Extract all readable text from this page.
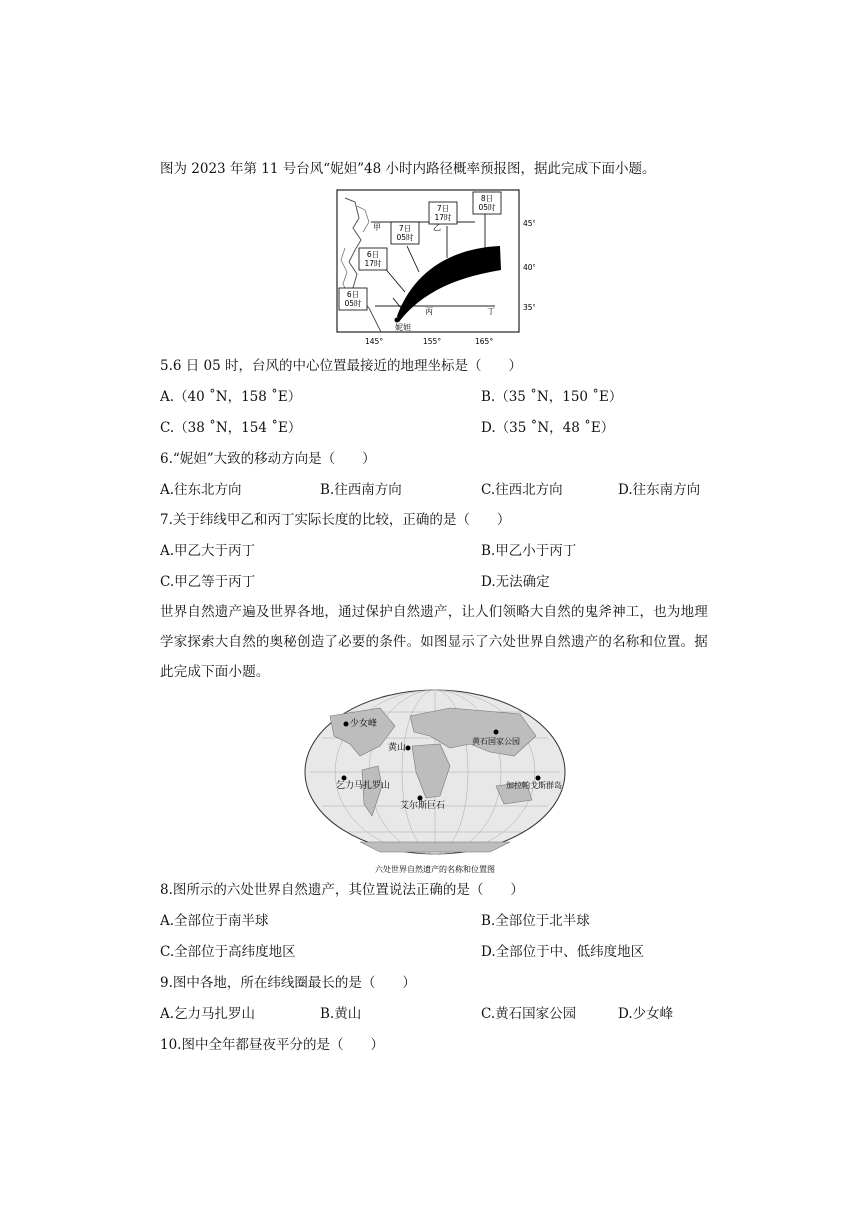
图为 2023 年第 11 号台风“妮妲”48 小时内路径概率预报图，据此完成下面小题。
6日
05时
6日
17时
7日
05时
7日
17时
8日
05时
甲	乙
丙	丁
妮妲
45°
40°
35°
145°	155°	165°
5.6 日 05 时，台风的中心位置最接近的地理坐标是（　　）
A.（40 ˚N，158 ˚E）	B.（35 ˚N，150 ˚E）
C.（38 ˚N，154 ˚E）	D.（35 ˚N，48 ˚E）
6.“妮妲”大致的移动方向是（　　）
A.往东北方向	B.往西南方向	C.往西北方向	D.往东南方向
7.关于纬线甲乙和丙丁实际长度的比较，正确的是（　　）
A.甲乙大于丙丁	B.甲乙小于丙丁
C.甲乙等于丙丁	D.无法确定
世界自然遗产遍及世界各地，通过保护自然遗产，让人们领略大自然的鬼斧神工，也为地理学家探索大自然的奥秘创造了必要的条件。如图显示了六处世界自然遗产的名称和位置。据此完成下面小题。
少女峰
黄山
黄石国家公园
乞力马扎罗山
艾尔斯巨石
加拉帕戈斯群岛
六处世界自然遗产的名称和位置图
8.图所示的六处世界自然遗产，其位置说法正确的是（　　）
A.全部位于南半球	B.全部位于北半球
C.全部位于高纬度地区	D.全部位于中、低纬度地区
9.图中各地，所在纬线圈最长的是（　　）
A.乞力马扎罗山	B.黄山	C.黄石国家公园	D.少女峰
10.图中全年都昼夜平分的是（　　）
